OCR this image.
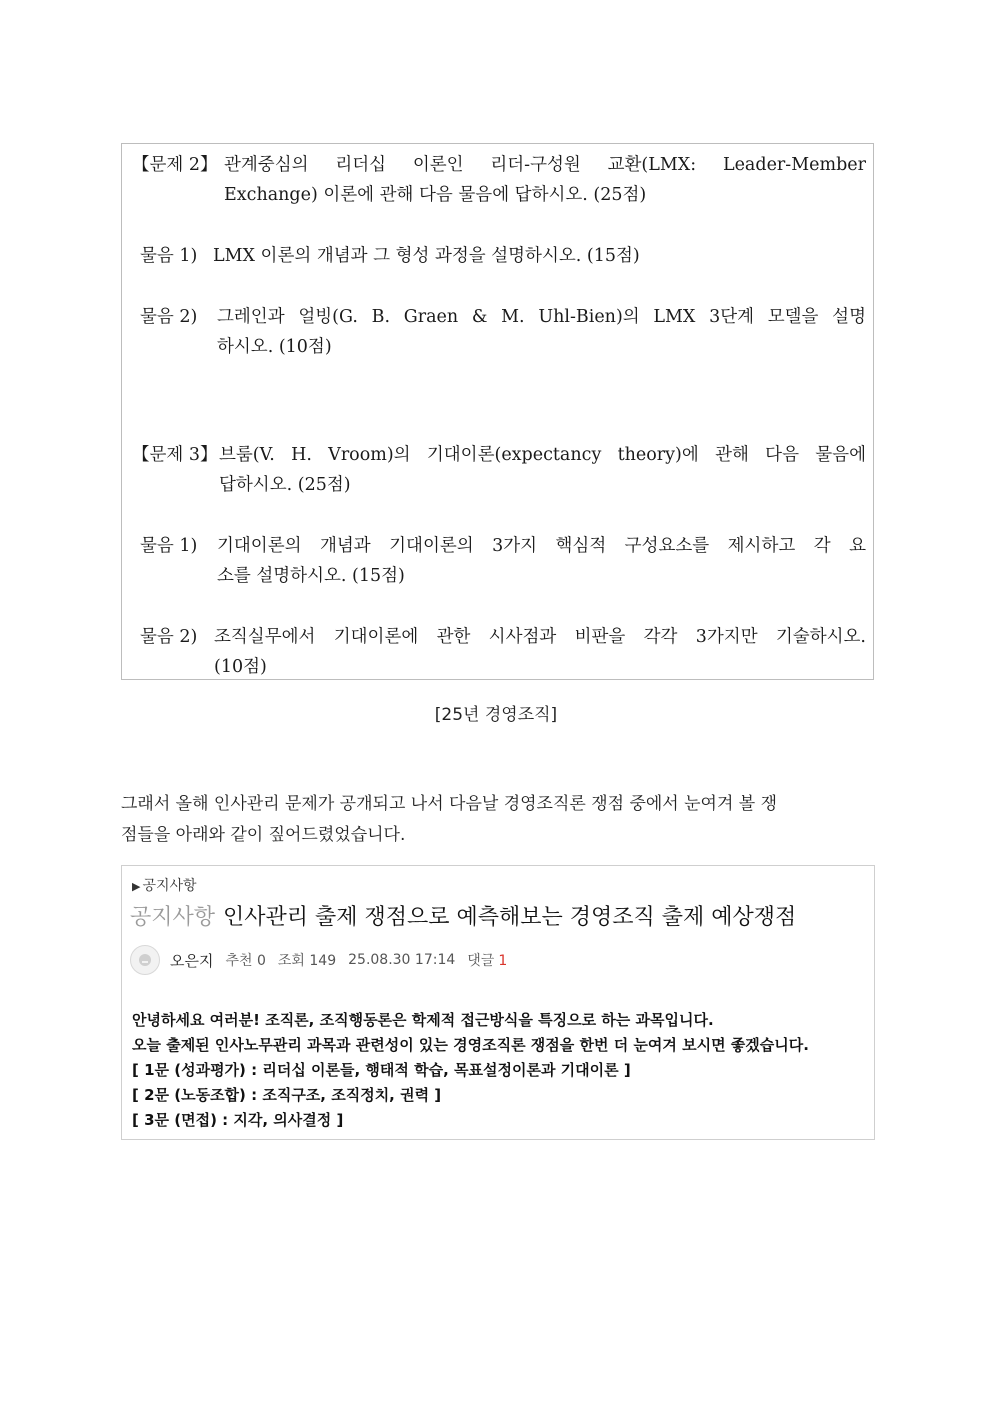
【문제 2】 관계중심의 리더십 이론인 리더-구성원 교환(LMX: Leader-Member
Exchange) 이론에 관해 다음 물음에 답하시오. (25점)
물음 1) LMX 이론의 개념과 그 형성 과정을 설명하시오. (15점)
물음 2) 그레인과 얼빙(G. B. Graen & M. Uhl-Bien)의 LMX 3단계 모델을 설명
하시오. (10점)
【문제 3】 브룸(V. H. Vroom)의 기대이론(expectancy theory)에 관해 다음 물음에
답하시오. (25점)
물음 1) 기대이론의 개념과 기대이론의 3가지 핵심적 구성요소를 제시하고 각 요
소를 설명하시오. (15점)
물음 2) 조직실무에서 기대이론에 관한 시사점과 비판을 각각 3가지만 기술하시오.
(10점)
[25년 경영조직]
그래서 올해 인사관리 문제가 공개되고 나서 다음날 경영조직론 쟁점 중에서 눈여겨 볼 쟁
점들을 아래와 같이 짚어드렸었습니다.
▶ 공지사항
공지사항 인사관리 출제 쟁점으로 예측해보는 경영조직 출제 예상쟁점
오은지 추천 0 조회 149 25.08.30 17:14 댓글 1
안녕하세요 여러분! 조직론, 조직행동론은 학제적 접근방식을 특징으로 하는 과목입니다.
오늘 출제된 인사노무관리 과목과 관련성이 있는 경영조직론 쟁점을 한번 더 눈여겨 보시면 좋겠습니다.
[ 1문 (성과평가) : 리더십 이론들, 행태적 학습, 목표설정이론과 기대이론 ]
[ 2문 (노동조합) : 조직구조, 조직정치, 권력 ]
[ 3문 (면접) : 지각, 의사결정 ]
